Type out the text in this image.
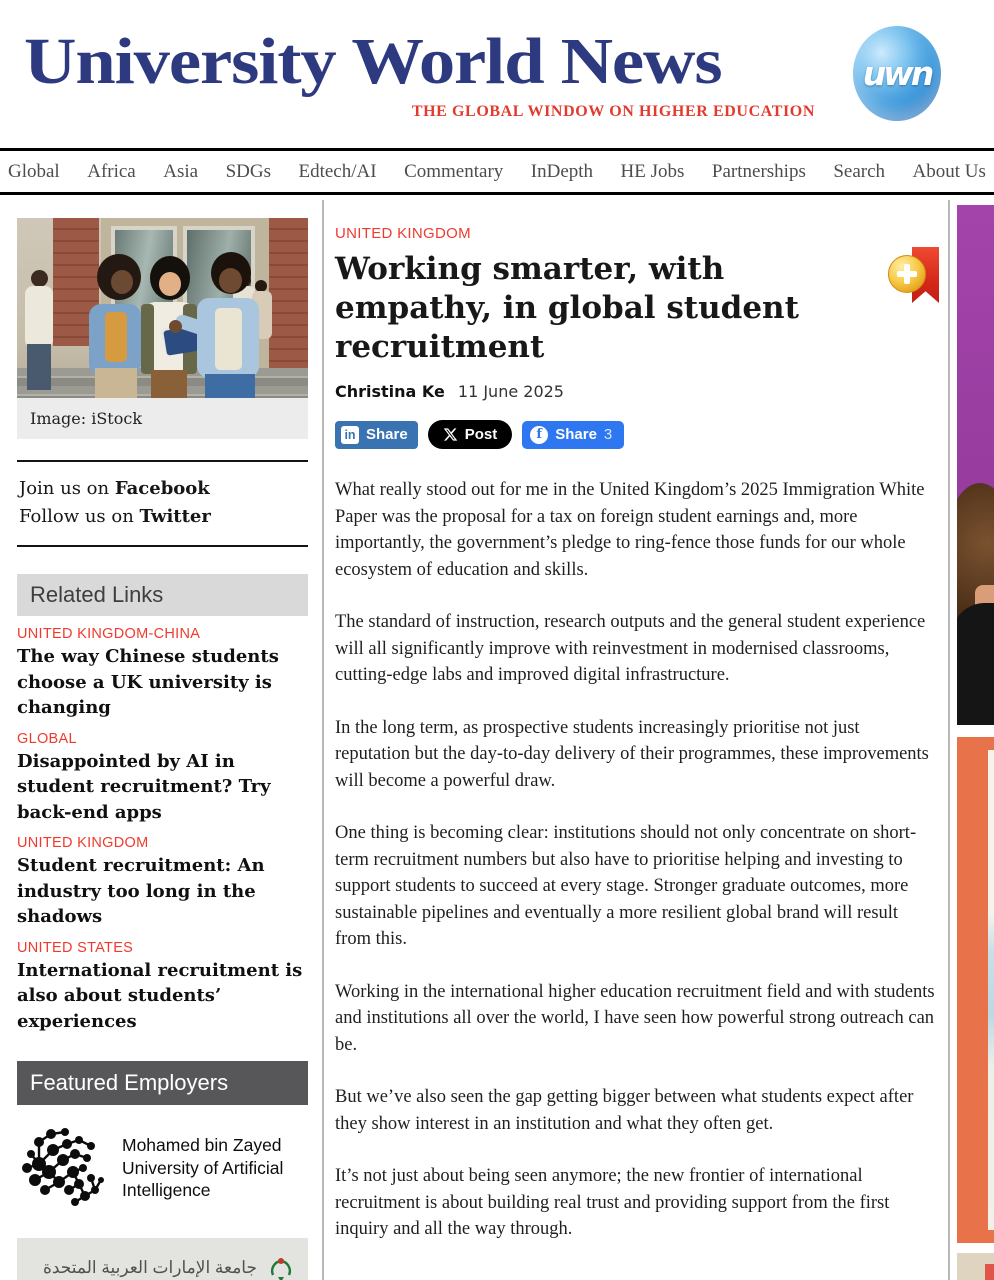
University World News
THE GLOBAL WINDOW ON HIGHER EDUCATION
uwn
Global Africa Asia SDGs Edtech/AI Commentary InDepth HE Jobs Partnerships Search About Us
Image: iStock
Join us on Facebook
Follow us on Twitter
Related Links
UNITED KINGDOM-CHINA
The way Chinese students choose a UK university is changing
GLOBAL
Disappointed by AI in student recruitment? Try back-end apps
UNITED KINGDOM
Student recruitment: An industry too long in the shadows
UNITED STATES
International recruitment is also about students’ experiences
Featured Employers
Mohamed bin Zayed University of Artificial Intelligence
جامعة الإمارات العربية المتحدة
UNITED KINGDOM
Working smarter, with empathy, in global student recruitment
Christina Ke 11 June 2025
in Share	Post	f Share 3

What really stood out for me in the United Kingdom’s 2025 Immigration White Paper was the proposal for a tax on foreign student earnings and, more importantly, the government’s pledge to ring-fence those funds for our whole ecosystem of education and skills.

The standard of instruction, research outputs and the general student experience will all significantly improve with reinvestment in modernised classrooms, cutting-edge labs and improved digital infrastructure.

In the long term, as prospective students increasingly prioritise not just reputation but the day-to-day delivery of their programmes, these improvements will become a powerful draw.

One thing is becoming clear: institutions should not only concentrate on short-term recruitment numbers but also have to prioritise helping and investing to support students to succeed at every stage. Stronger graduate outcomes, more sustainable pipelines and eventually a more resilient global brand will result from this.

Working in the international higher education recruitment field and with students and institutions all over the world, I have seen how powerful strong outreach can be.

But we’ve also seen the gap getting bigger between what students expect after they show interest in an institution and what they often get.

It’s not just about being seen anymore; the new frontier of international recruitment is about building real trust and providing support from the first inquiry and all the way through.
